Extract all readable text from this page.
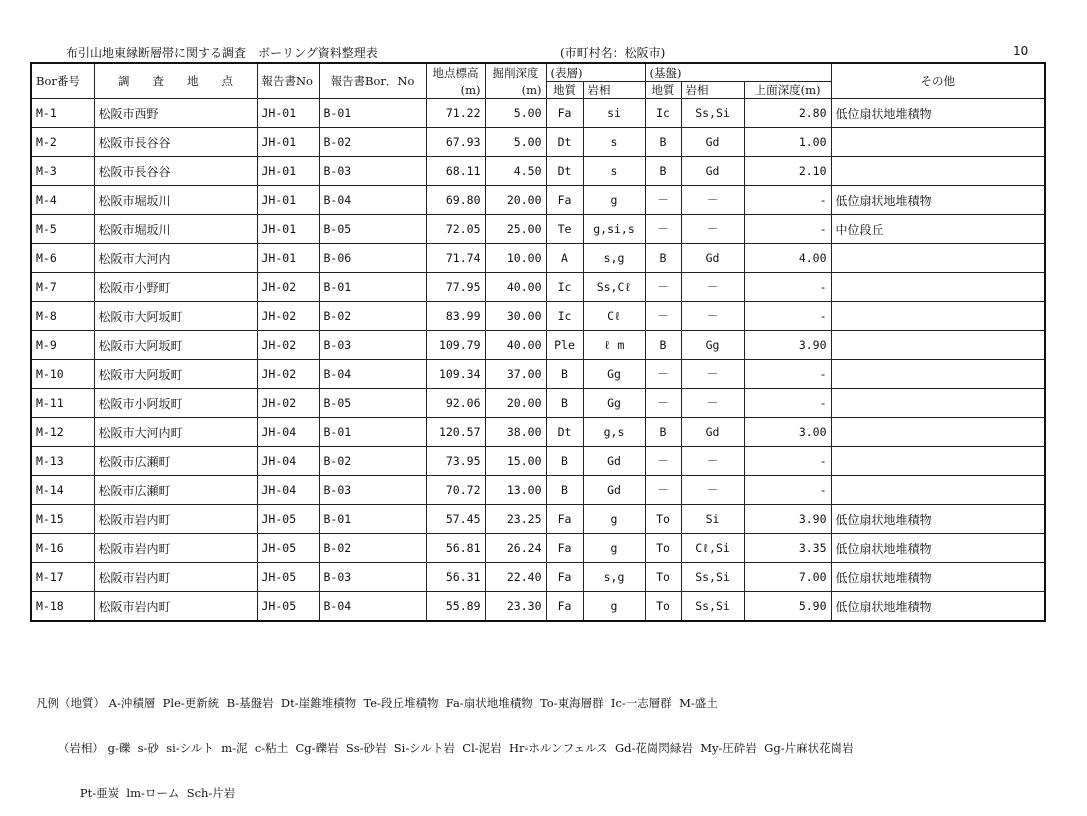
布引山地東縁断層帯に関する調査　ボーリング資料整理表	(市町村名：松阪市)	10
Bor番号	調　　査　　地　　点	報告書No	報告書Bor．No	地点標高	掘削深度	(表層)		(基盤)			その他
				(m)	(m)	地質	岩相	地質	岩相	上面深度(m)	
M-1	松阪市西野	JH-01	B-01	71.22	5.00	Fa	si	Ic	Ss,Si	2.80	低位扇状地堆積物
M-2	松阪市長谷谷	JH-01	B-02	67.93	5.00	Dt	s	B	Gd	1.00	
M-3	松阪市長谷谷	JH-01	B-03	68.11	4.50	Dt	s	B	Gd	2.10	
M-4	松阪市堀坂川	JH-01	B-04	69.80	20.00	Fa	g	－	－	-	低位扇状地堆積物
M-5	松阪市堀坂川	JH-01	B-05	72.05	25.00	Te	g,si,s	－	－	-	中位段丘
M-6	松阪市大河内	JH-01	B-06	71.74	10.00	A	s,g	B	Gd	4.00	
M-7	松阪市小野町	JH-02	B-01	77.95	40.00	Ic	Ss,Cℓ	－	－	-	
M-8	松阪市大阿坂町	JH-02	B-02	83.99	30.00	Ic	Cℓ	－	－	-	
M-9	松阪市大阿坂町	JH-02	B-03	109.79	40.00	Ple	ℓ m	B	Gg	3.90	
M-10	松阪市大阿坂町	JH-02	B-04	109.34	37.00	B	Gg	－	－	-	
M-11	松阪市小阿坂町	JH-02	B-05	92.06	20.00	B	Gg	－	－	-	
M-12	松阪市大河内町	JH-04	B-01	120.57	38.00	Dt	g,s	B	Gd	3.00	
M-13	松阪市広瀬町	JH-04	B-02	73.95	15.00	B	Gd	－	－	-	
M-14	松阪市広瀬町	JH-04	B-03	70.72	13.00	B	Gd	－	－	-	
M-15	松阪市岩内町	JH-05	B-01	57.45	23.25	Fa	g	To	Si	3.90	低位扇状地堆積物
M-16	松阪市岩内町	JH-05	B-02	56.81	26.24	Fa	g	To	Cℓ,Si	3.35	低位扇状地堆積物
M-17	松阪市岩内町	JH-05	B-03	56.31	22.40	Fa	s,g	To	Ss,Si	7.00	低位扇状地堆積物
M-18	松阪市岩内町	JH-05	B-04	55.89	23.30	Fa	g	To	Ss,Si	5.90	低位扇状地堆積物

凡例（地質） A-沖積層  Ple-更新統  B-基盤岩  Dt-崖錐堆積物  Te-段丘堆積物  Fa-扇状地堆積物  To-東海層群  Ic-一志層群  M-盛土

（岩相） g-礫  s-砂  si-シルト  m-泥  c-粘土  Cg-礫岩  Ss-砂岩  Si-シルト岩  Cl-泥岩  Hr-ホルンフェルス  Gd-花崗閃緑岩  My-圧砕岩  Gg-片麻状花崗岩

Pt-亜炭  lm-ローム  Sch-片岩
